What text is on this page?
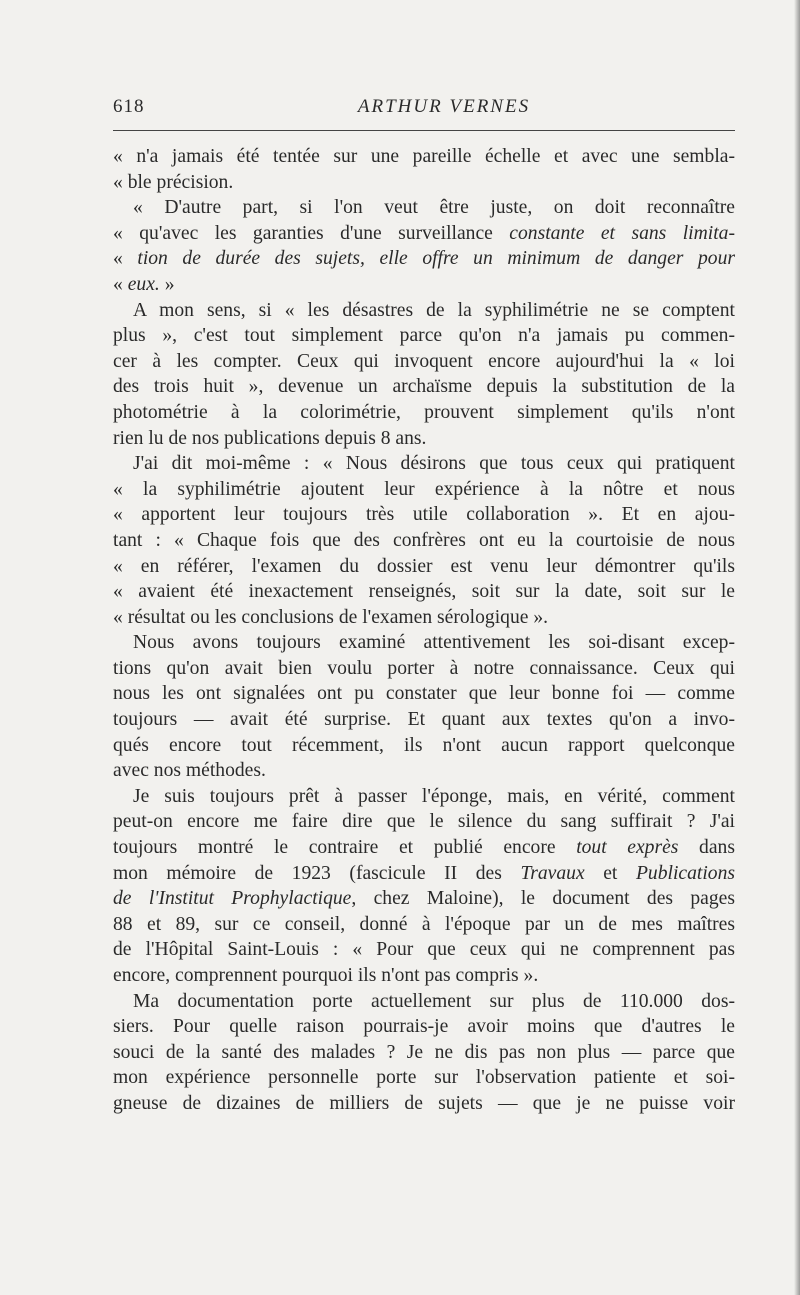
618	ARTHUR VERNES
« n'a jamais été tentée sur une pareille échelle et avec une sembla-
« ble précision.
« D'autre part, si l'on veut être juste, on doit reconnaître
« qu'avec les garanties d'une surveillance constante et sans limita-
« tion de durée des sujets, elle offre un minimum de danger pour
« eux. »
A mon sens, si « les désastres de la syphilimétrie ne se comptent
plus », c'est tout simplement parce qu'on n'a jamais pu commen-
cer à les compter. Ceux qui invoquent encore aujourd'hui la « loi
des trois huit », devenue un archaïsme depuis la substitution de la
photométrie à la colorimétrie, prouvent simplement qu'ils n'ont
rien lu de nos publications depuis 8 ans.
J'ai dit moi-même : « Nous désirons que tous ceux qui pratiquent
« la syphilimétrie ajoutent leur expérience à la nôtre et nous
« apportent leur toujours très utile collaboration ». Et en ajou-
tant : « Chaque fois que des confrères ont eu la courtoisie de nous
« en référer, l'examen du dossier est venu leur démontrer qu'ils
« avaient été inexactement renseignés, soit sur la date, soit sur le
« résultat ou les conclusions de l'examen sérologique ».
Nous avons toujours examiné attentivement les soi-disant excep-
tions qu'on avait bien voulu porter à notre connaissance. Ceux qui
nous les ont signalées ont pu constater que leur bonne foi — comme
toujours — avait été surprise. Et quant aux textes qu'on a invo-
qués encore tout récemment, ils n'ont aucun rapport quelconque
avec nos méthodes.
Je suis toujours prêt à passer l'éponge, mais, en vérité, comment
peut-on encore me faire dire que le silence du sang suffirait ? J'ai
toujours montré le contraire et publié encore tout exprès dans
mon mémoire de 1923 (fascicule II des Travaux et Publications
de l'Institut Prophylactique, chez Maloine), le document des pages
88 et 89, sur ce conseil, donné à l'époque par un de mes maîtres
de l'Hôpital Saint-Louis : « Pour que ceux qui ne comprennent pas
encore, comprennent pourquoi ils n'ont pas compris ».
Ma documentation porte actuellement sur plus de 110.000 dos-
siers. Pour quelle raison pourrais-je avoir moins que d'autres le
souci de la santé des malades ? Je ne dis pas non plus — parce que
mon expérience personnelle porte sur l'observation patiente et soi-
gneuse de dizaines de milliers de sujets — que je ne puisse voir
